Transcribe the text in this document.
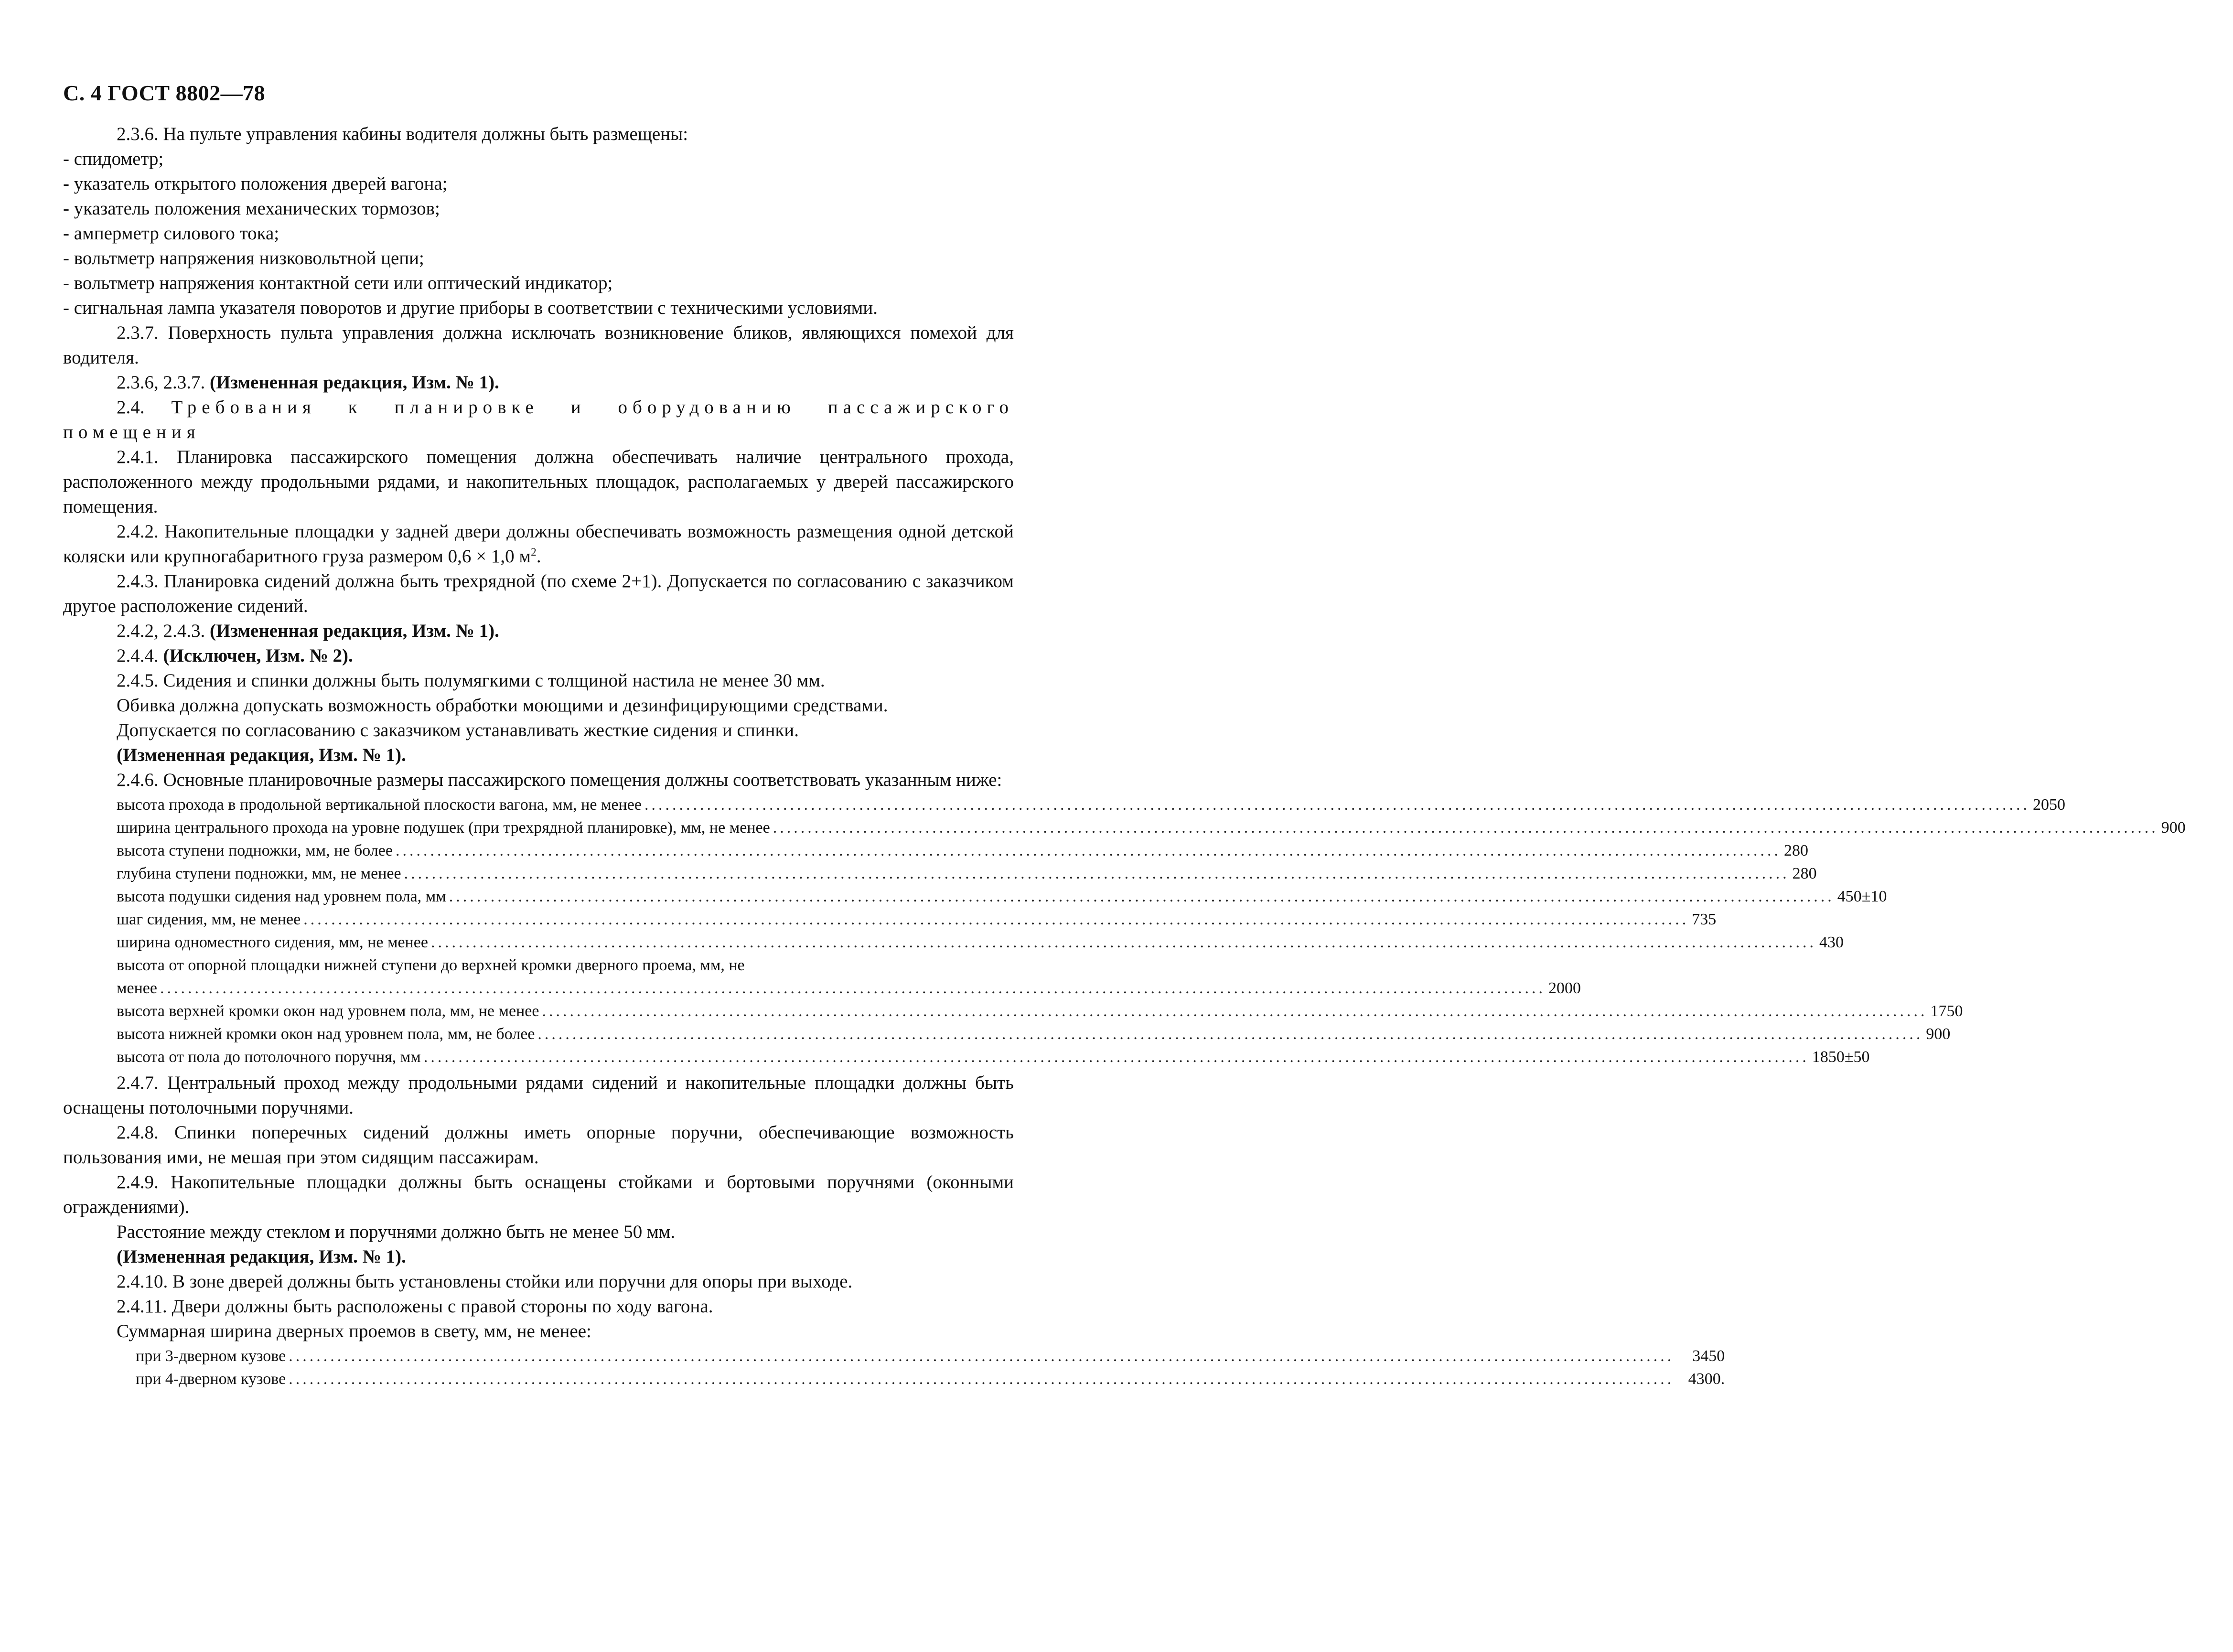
С. 4 ГОСТ 8802—78

2.3.6. На пульте управления кабины водителя должны быть размещены:

- спидометр;

- указатель открытого положения дверей вагона;

- указатель положения механических тормозов;

- амперметр силового тока;

- вольтметр напряжения низковольтной цепи;

- вольтметр напряжения контактной сети или оптический индикатор;

- сигнальная лампа указателя поворотов и другие приборы в соответствии с техническими условиями.

2.3.7. Поверхность пульта управления должна исключать возникновение бликов, являющихся помехой для водителя.

2.3.6, 2.3.7. (Измененная редакция, Изм. № 1).

2.4. Требования к планировке и оборудованию пассажирского помещения

2.4.1. Планировка пассажирского помещения должна обеспечивать наличие центрального прохода, расположенного между продольными рядами, и накопительных площадок, располагаемых у дверей пассажирского помещения.

2.4.2. Накопительные площадки у задней двери должны обеспечивать возможность размещения одной детской коляски или крупногабаритного груза размером 0,6 × 1,0 $м^2$.

2.4.3. Планировка сидений должна быть трехрядной (по схеме 2+1). Допускается по согласованию с заказчиком другое расположение сидений.

2.4.2, 2.4.3. (Измененная редакция, Изм. № 1).

2.4.4. (Исключен, Изм. № 2).

2.4.5. Сидения и спинки должны быть полумягкими с толщиной настила не менее 30 мм.

Обивка должна допускать возможность обработки моющими и дезинфицирующими средствами.

Допускается по согласованию с заказчиком устанавливать жесткие сидения и спинки.

(Измененная редакция, Изм. № 1).

2.4.6. Основные планировочные размеры пассажирского помещения должны соответствовать указанным ниже:

высота прохода в продольной вертикальной плоскости вагона, мм, не менее ........................................................................................................................................................................................................ 2050
ширина центрального прохода на уровне подушек (при трехрядной планировке), мм, не менее ........................................................................................................................................................................................................ 900
высота ступени подножки, мм, не более ........................................................................................................................................................................................................ 280
глубина ступени подножки, мм, не менее ........................................................................................................................................................................................................ 280
высота подушки сидения над уровнем пола, мм ........................................................................................................................................................................................................ 450±10
шаг сидения, мм, не менее ........................................................................................................................................................................................................ 735
ширина одноместного сидения, мм, не менее ........................................................................................................................................................................................................ 430
высота от опорной площадки нижней ступени до верхней кромки дверного проема, мм, не
менее ........................................................................................................................................................................................................ 2000
высота верхней кромки окон над уровнем пола, мм, не менее ........................................................................................................................................................................................................ 1750
высота нижней кромки окон над уровнем пола, мм, не более ........................................................................................................................................................................................................ 900
высота от пола до потолочного поручня, мм ........................................................................................................................................................................................................ 1850±50

2.4.7. Центральный проход между продольными рядами сидений и накопительные площадки должны быть оснащены потолочными поручнями.

2.4.8. Спинки поперечных сидений должны иметь опорные поручни, обеспечивающие возможность пользования ими, не мешая при этом сидящим пассажирам.

2.4.9. Накопительные площадки должны быть оснащены стойками и бортовыми поручнями (оконными ограждениями).

Расстояние между стеклом и поручнями должно быть не менее 50 мм.

(Измененная редакция, Изм. № 1).

2.4.10. В зоне дверей должны быть установлены стойки или поручни для опоры при выходе.

2.4.11. Двери должны быть расположены с правой стороны по ходу вагона.

Суммарная ширина дверных проемов в свету, мм, не менее:

при 3-дверном кузове ........................................................................................................................................................................................................	3450
при 4-дверном кузове ........................................................................................................................................................................................................ 4300.
